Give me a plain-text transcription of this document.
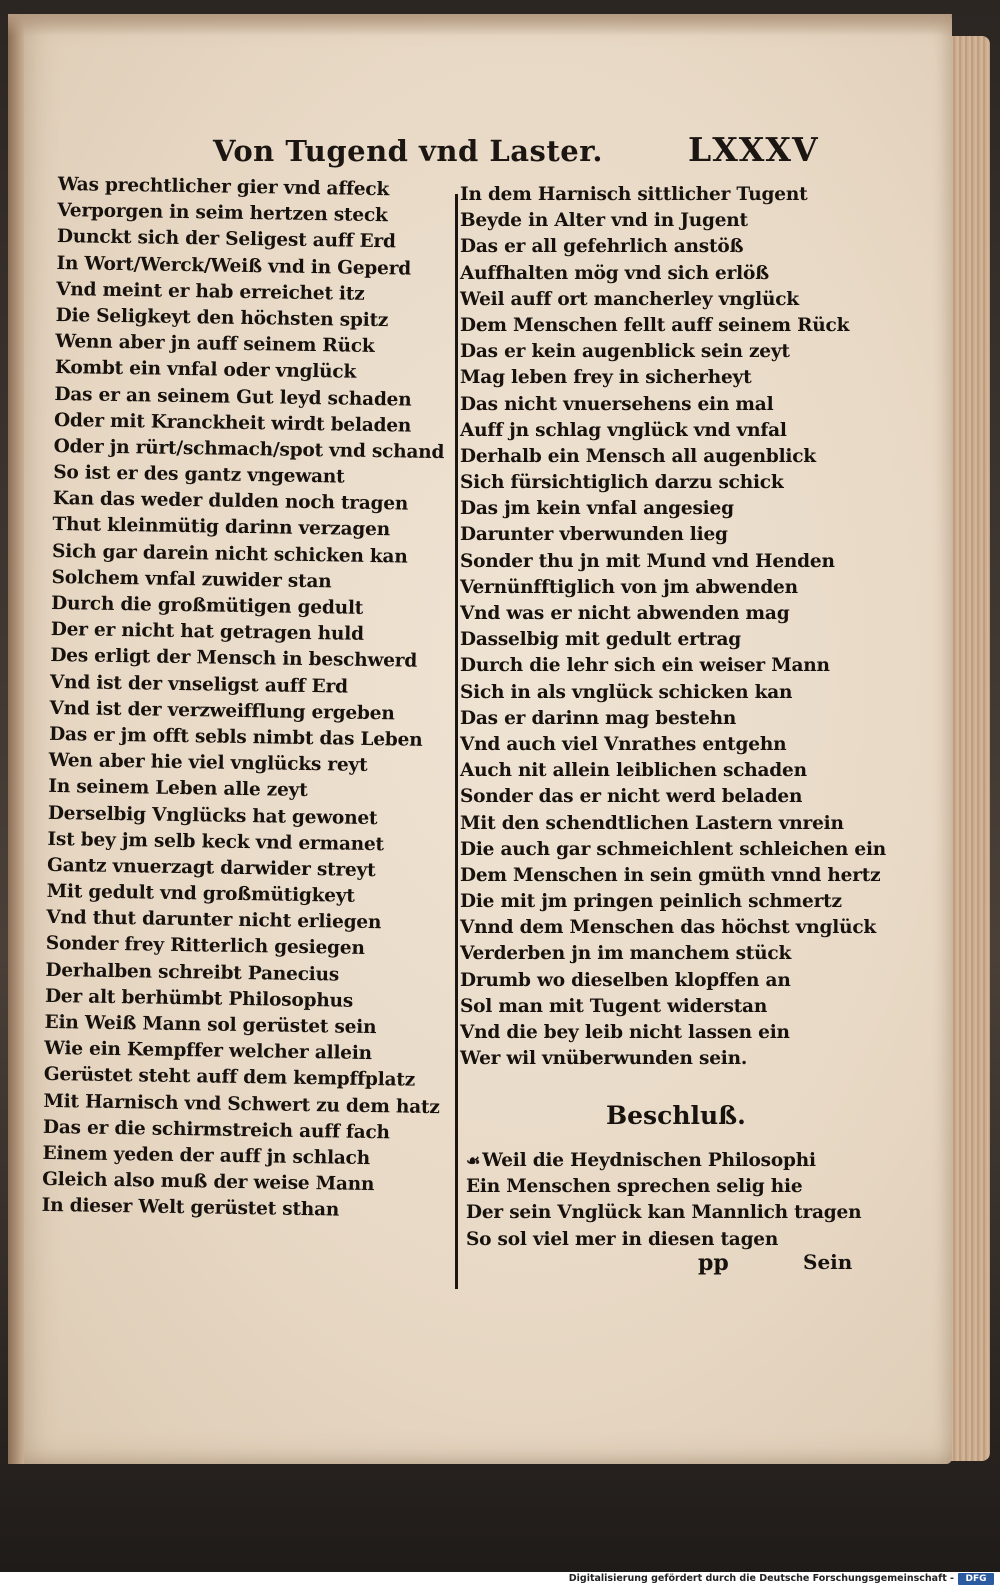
Von Tugend vnd Laster.	LXXXV
Was prechtlicher gier vnd affeck
Verporgen in seim hertzen steck
Dunckt sich der Seligest auff Erd
In Wort/Werck/Weiß vnd in Geperd
Vnd meint er hab erreichet itz
Die Seligkeyt den höchsten spitz
Wenn aber jn auff seinem Rück
Kombt ein vnfal oder vnglück
Das er an seinem Gut leyd schaden
Oder mit Kranckheit wirdt beladen
Oder jn rürt/schmach/spot vnd schand
So ist er des gantz vngewant
Kan das weder dulden noch tragen
Thut kleinmütig darinn verzagen
Sich gar darein nicht schicken kan
Solchem vnfal zuwider stan
Durch die großmütigen gedult
Der er nicht hat getragen huld
Des erligt der Mensch in beschwerd
Vnd ist der vnseligst auff Erd
Vnd ist der verzweifflung ergeben
Das er jm offt sebls nimbt das Leben
Wen aber hie viel vnglücks reyt
In seinem Leben alle zeyt
Derselbig Vnglücks hat gewonet
Ist bey jm selb keck vnd ermanet
Gantz vnuerzagt darwider streyt
Mit gedult vnd großmütigkeyt
Vnd thut darunter nicht erliegen
Sonder frey Ritterlich gesiegen
Derhalben schreibt Panecius
Der alt berhümbt Philosophus
Ein Weiß Mann sol gerüstet sein
Wie ein Kempffer welcher allein
Gerüstet steht auff dem kempffplatz
Mit Harnisch vnd Schwert zu dem hatz
Das er die schirmstreich auff fach
Einem yeden der auff jn schlach
Gleich also muß der weise Mann
In dieser Welt gerüstet sthan
In dem Harnisch sittlicher Tugent
Beyde in Alter vnd in Jugent
Das er all gefehrlich anstöß
Auffhalten mög vnd sich erlöß
Weil auff ort mancherley vnglück
Dem Menschen fellt auff seinem Rück
Das er kein augenblick sein zeyt
Mag leben frey in sicherheyt
Das nicht vnuersehens ein mal
Auff jn schlag vnglück vnd vnfal
Derhalb ein Mensch all augenblick
Sich fürsichtiglich darzu schick
Das jm kein vnfal angesieg
Darunter vberwunden lieg
Sonder thu jn mit Mund vnd Henden
Vernünfftiglich von jm abwenden
Vnd was er nicht abwenden mag
Dasselbig mit gedult ertrag
Durch die lehr sich ein weiser Mann
Sich in als vnglück schicken kan
Das er darinn mag bestehn
Vnd auch viel Vnrathes entgehn
Auch nit allein leiblichen schaden
Sonder das er nicht werd beladen
Mit den schendtlichen Lastern vnrein
Die auch gar schmeichlent schleichen ein
Dem Menschen in sein gmüth vnnd hertz
Die mit jm pringen peinlich schmertz
Vnnd dem Menschen das höchst vnglück
Verderben jn im manchem stück
Drumb wo dieselben klopffen an
Sol man mit Tugent widerstan
Vnd die bey leib nicht lassen ein
Wer wil vnüberwunden sein.
Beschluß.
☙ Weil die Heydnischen Philosophi
Ein Menschen sprechen selig hie
Der sein Vnglück kan Mannlich tragen
So sol viel mer in diesen tagen
pp	Sein
Digitalisierung gefördert durch die Deutsche Forschungsgemeinschaft -	DFG
